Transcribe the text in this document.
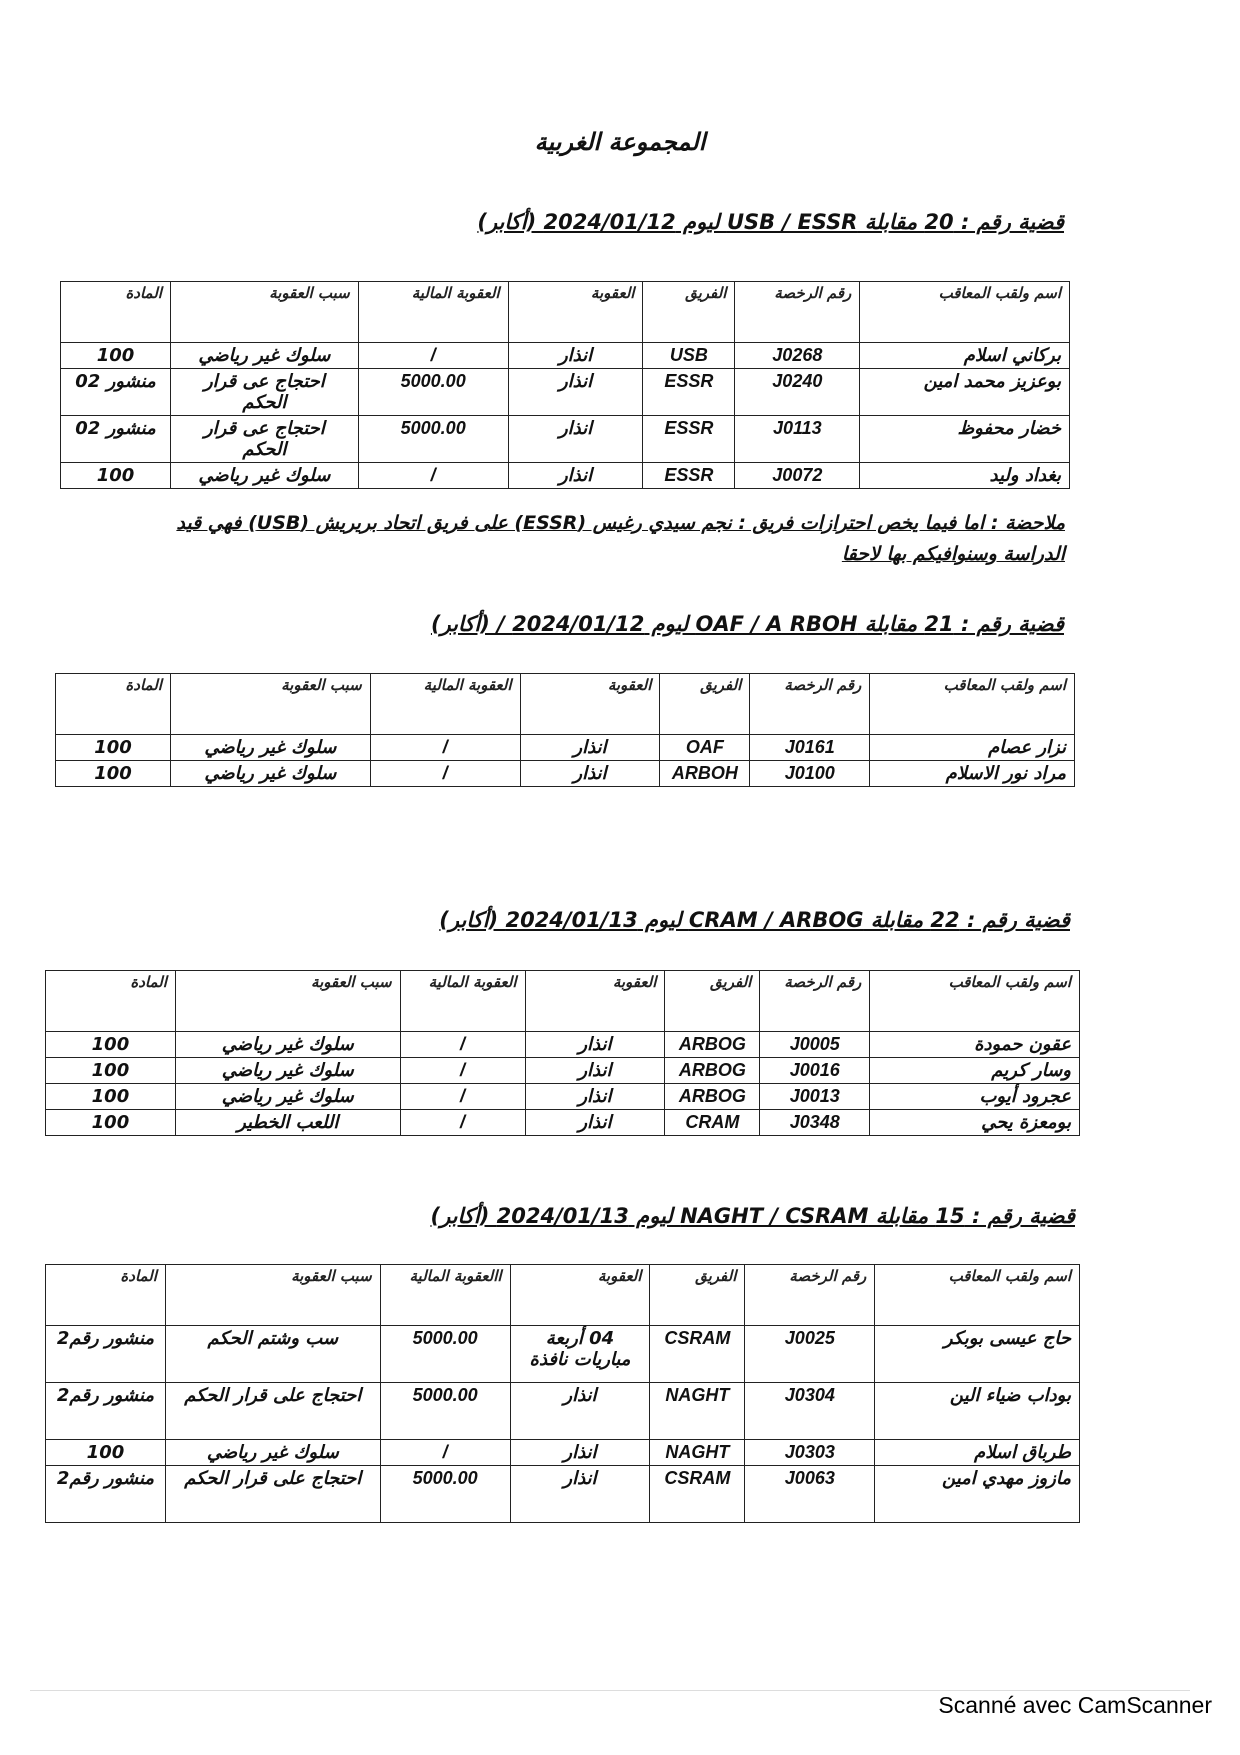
المجموعة الغربية
قضية رقم : 20 مقابلة USB / ESSR ليوم 2024/01/12 (أكابر)
اسم ولقب المعاقب	رقم الرخصة	الفريق	العقوبة	العقوبة المالية	سبب العقوبة	المادة
بركاني اسلام	J0268	USB	انذار	/	سلوك غير رياضي	100
بوعزيز محمد امين	J0240	ESSR	انذار	5000.00	احتجاج عى قرار الحكم	منشور 02
خضار محفوظ	J0113	ESSR	انذار	5000.00	احتجاج عى قرار الحكم	منشور 02
بغداد وليد	J0072	ESSR	انذار	/	سلوك غير رياضي	100
ملاحضة : اما فيما يخص احترازات فريق : نجم سيدي رغيس (ESSR) على فريق اتحاد بريريش (USB) فهي قيد الدراسة وسنوافيكم بها لاحقا
قضية رقم : 21 مقابلة OAF / A RBOH ليوم 2024/01/12 / (أكابر)
اسم ولقب المعاقب	رقم الرخصة	الفريق	العقوبة	العقوبة المالية	سبب العقوبة	المادة
نزار عصام	J0161	OAF	انذار	/	سلوك غير رياضي	100
مراد نور الاسلام	J0100	ARBOH	انذار	/	سلوك غير رياضي	100
قضية رقم : 22 مقابلة CRAM / ARBOG ليوم 2024/01/13 (أكابر)
اسم ولقب المعاقب	رقم الرخصة	الفريق	العقوبة	العقوبة المالية	سبب العقوبة	المادة
عقون حمودة	J0005	ARBOG	انذار	/	سلوك غير رياضي	100
وسار كريم	J0016	ARBOG	انذار	/	سلوك غير رياضي	100
عجرود أيوب	J0013	ARBOG	انذار	/	سلوك غير رياضي	100
بومعزة يحي	J0348	CRAM	انذار	/	اللعب الخطير	100
قضية رقم : 15 مقابلة NAGHT / CSRAM ليوم 2024/01/13 (أكابر)
اسم ولقب المعاقب	رقم الرخصة	الفريق	العقوبة	االعقوبة المالية	سبب العقوبة	المادة
حاج عيسى بوبكر	J0025	CSRAM	04 أربعة مباريات نافذة	5000.00	سب وشتم الحكم	منشور رقم2
بوداب ضياء الين	J0304	NAGHT	انذار	5000.00	احتجاج على قرار الحكم	منشور رقم2
طرباق اسلام	J0303	NAGHT	انذار	/	سلوك غير رياضي	100
مازوز مهدي امين	J0063	CSRAM	انذار	5000.00	احتجاج على قرار الحكم	منشور رقم2
Scanné avec CamScanner
